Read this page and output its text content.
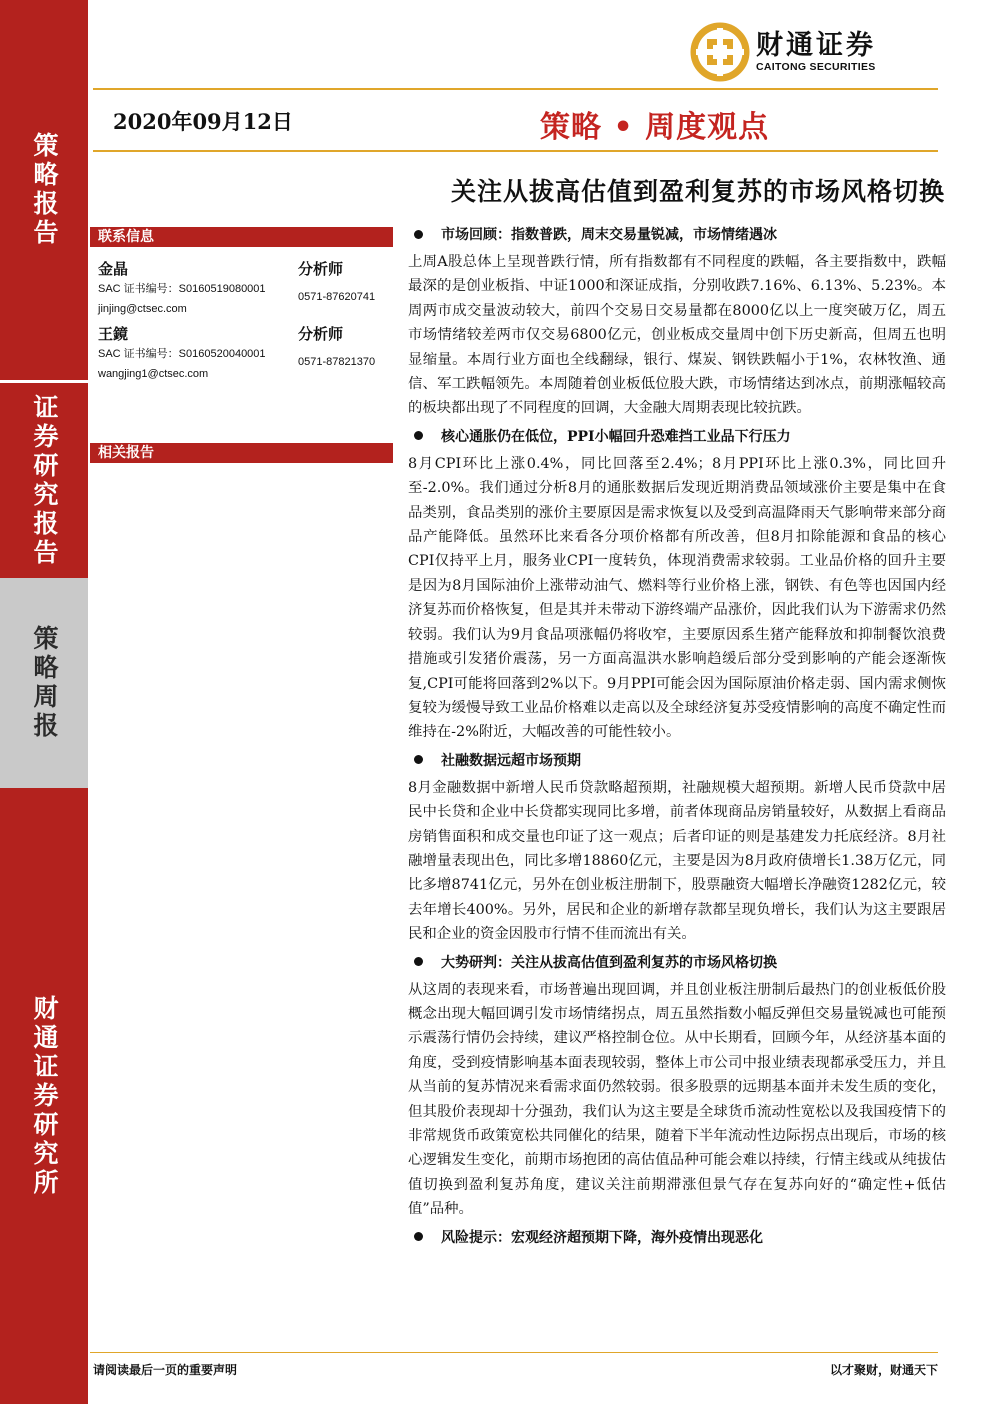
策略报告
证券研究报告
策略周报
财通证券研究所
财通证券
CAITONG SECURITIES
2020年09月12日	策略 • 周度观点
关注从拔高估值到盈利复苏的市场风格切换
联系信息
金晶	分析师
SAC 证书编号：S0160519080001
0571-87620741
jinjing@ctsec.com
王鏡	分析师
SAC 证书编号：S0160520040001
0571-87821370
wangjing1@ctsec.com
相关报告
市场回顾：指数普跌，周末交易量锐减，市场情绪遇冰

上周A股总体上呈现普跌行情，所有指数都有不同程度的跌幅，各主要指数中，跌幅最深的是创业板指、中证1000和深证成指，分别收跌7.16%、6.13%、5.23%。本周两市成交量波动较大，前四个交易日交易量都在8000亿以上一度突破万亿，周五市场情绪较差两市仅交易6800亿元，创业板成交量周中创下历史新高，但周五也明显缩量。本周行业方面也全线翻绿，银行、煤炭、钢铁跌幅小于1%，农林牧渔、通信、军工跌幅领先。本周随着创业板低位股大跌，市场情绪达到冰点，前期涨幅较高的板块都出现了不同程度的回调，大金融大周期表现比较抗跌。

核心通胀仍在低位，PPI小幅回升恐难挡工业品下行压力

8月CPI环比上涨0.4%，同比回落至2.4%；8月PPI环比上涨0.3%，同比回升至-2.0%。我们通过分析8月的通胀数据后发现近期消费品领域涨价主要是集中在食品类别，食品类别的涨价主要原因是需求恢复以及受到高温降雨天气影响带来部分商品产能降低。虽然环比来看各分项价格都有所改善，但8月扣除能源和食品的核心CPI仅持平上月，服务业CPI一度转负，体现消费需求较弱。工业品价格的回升主要是因为8月国际油价上涨带动油气、燃料等行业价格上涨，钢铁、有色等也因国内经济复苏而价格恢复，但是其并未带动下游终端产品涨价，因此我们认为下游需求仍然较弱。我们认为9月食品项涨幅仍将收窄，主要原因系生猪产能释放和抑制餐饮浪费措施或引发猪价震荡，另一方面高温洪水影响趋缓后部分受到影响的产能会逐渐恢复,CPI可能将回落到2%以下。9月PPI可能会因为国际原油价格走弱、国内需求侧恢复较为缓慢导致工业品价格难以走高以及全球经济复苏受疫情影响的高度不确定性而维持在-2%附近，大幅改善的可能性较小。

社融数据远超市场预期

8月金融数据中新增人民币贷款略超预期，社融规模大超预期。新增人民币贷款中居民中长贷和企业中长贷都实现同比多增，前者体现商品房销量较好，从数据上看商品房销售面积和成交量也印证了这一观点；后者印证的则是基建发力托底经济。8月社融增量表现出色，同比多增18860亿元，主要是因为8月政府债增长1.38万亿元，同比多增8741亿元，另外在创业板注册制下，股票融资大幅增长净融资1282亿元，较去年增长400%。另外，居民和企业的新增存款都呈现负增长，我们认为这主要跟居民和企业的资金因股市行情不佳而流出有关。

大势研判：关注从拔高估值到盈利复苏的市场风格切换

从这周的表现来看，市场普遍出现回调，并且创业板注册制后最热门的创业板低价股概念出现大幅回调引发市场情绪拐点，周五虽然指数小幅反弹但交易量锐减也可能预示震荡行情仍会持续，建议严格控制仓位。从中长期看，回顾今年，从经济基本面的角度，受到疫情影响基本面表现较弱，整体上市公司中报业绩表现都承受压力，并且从当前的复苏情况来看需求面仍然较弱。很多股票的远期基本面并未发生质的变化，但其股价表现却十分强劲，我们认为这主要是全球货币流动性宽松以及我国疫情下的非常规货币政策宽松共同催化的结果，随着下半年流动性边际拐点出现后，市场的核心逻辑发生变化，前期市场抱团的高估值品种可能会难以持续，行情主线或从纯拔估值切换到盈利复苏角度，建议关注前期滞涨但景气存在复苏向好的“确定性+低估值”品种。

风险提示：宏观经济超预期下降，海外疫情出现恶化
请阅读最后一页的重要声明	以才聚财，财通天下
